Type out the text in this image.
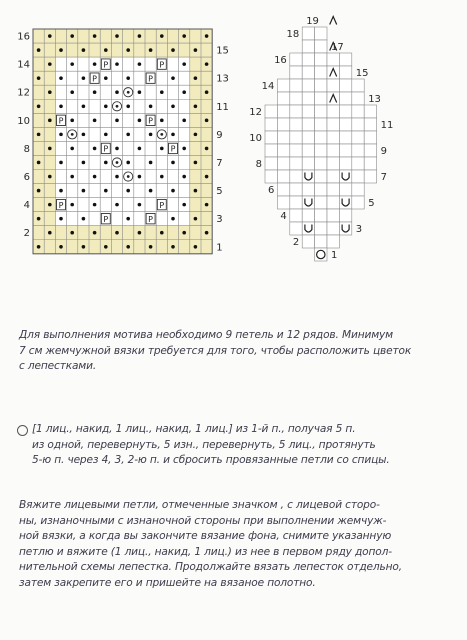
P	P
P	P
P	P
P	P
P	P
P	P
16
14
12
10
8
6
4
2
15
13
11
9
7
5
3
1
18
16
14
12
10
8
6
4
2
19
17
15
13
11
9
7
5
3
1
Для выполнения мотива необходимо 9 петель и 12 рядов. Минимум
7 см жемчужной вязки требуется для того, чтобы расположить цветок
с лепестками.
[1 лиц., накид, 1 лиц., накид, 1 лиц.] из 1-й п., получая 5 п.
из одной, перевернуть, 5 изн., перевернуть, 5 лиц., протянуть
5-ю п. через 4, 3, 2-ю п. и сбросить провязанные петли со спицы.
Вяжите лицевыми петли, отмеченные значком , с лицевой сторо-
ны, изнаночными с изнаночной стороны при выполнении жемчуж-
ной вязки, а когда вы закончите вязание фона, снимите указанную
петлю и вяжите (1 лиц., накид, 1 лиц.) из нее в первом ряду допол-
нительной схемы лепестка. Продолжайте вязать лепесток отдельно,
затем закрепите его и пришейте на вязаное полотно.
